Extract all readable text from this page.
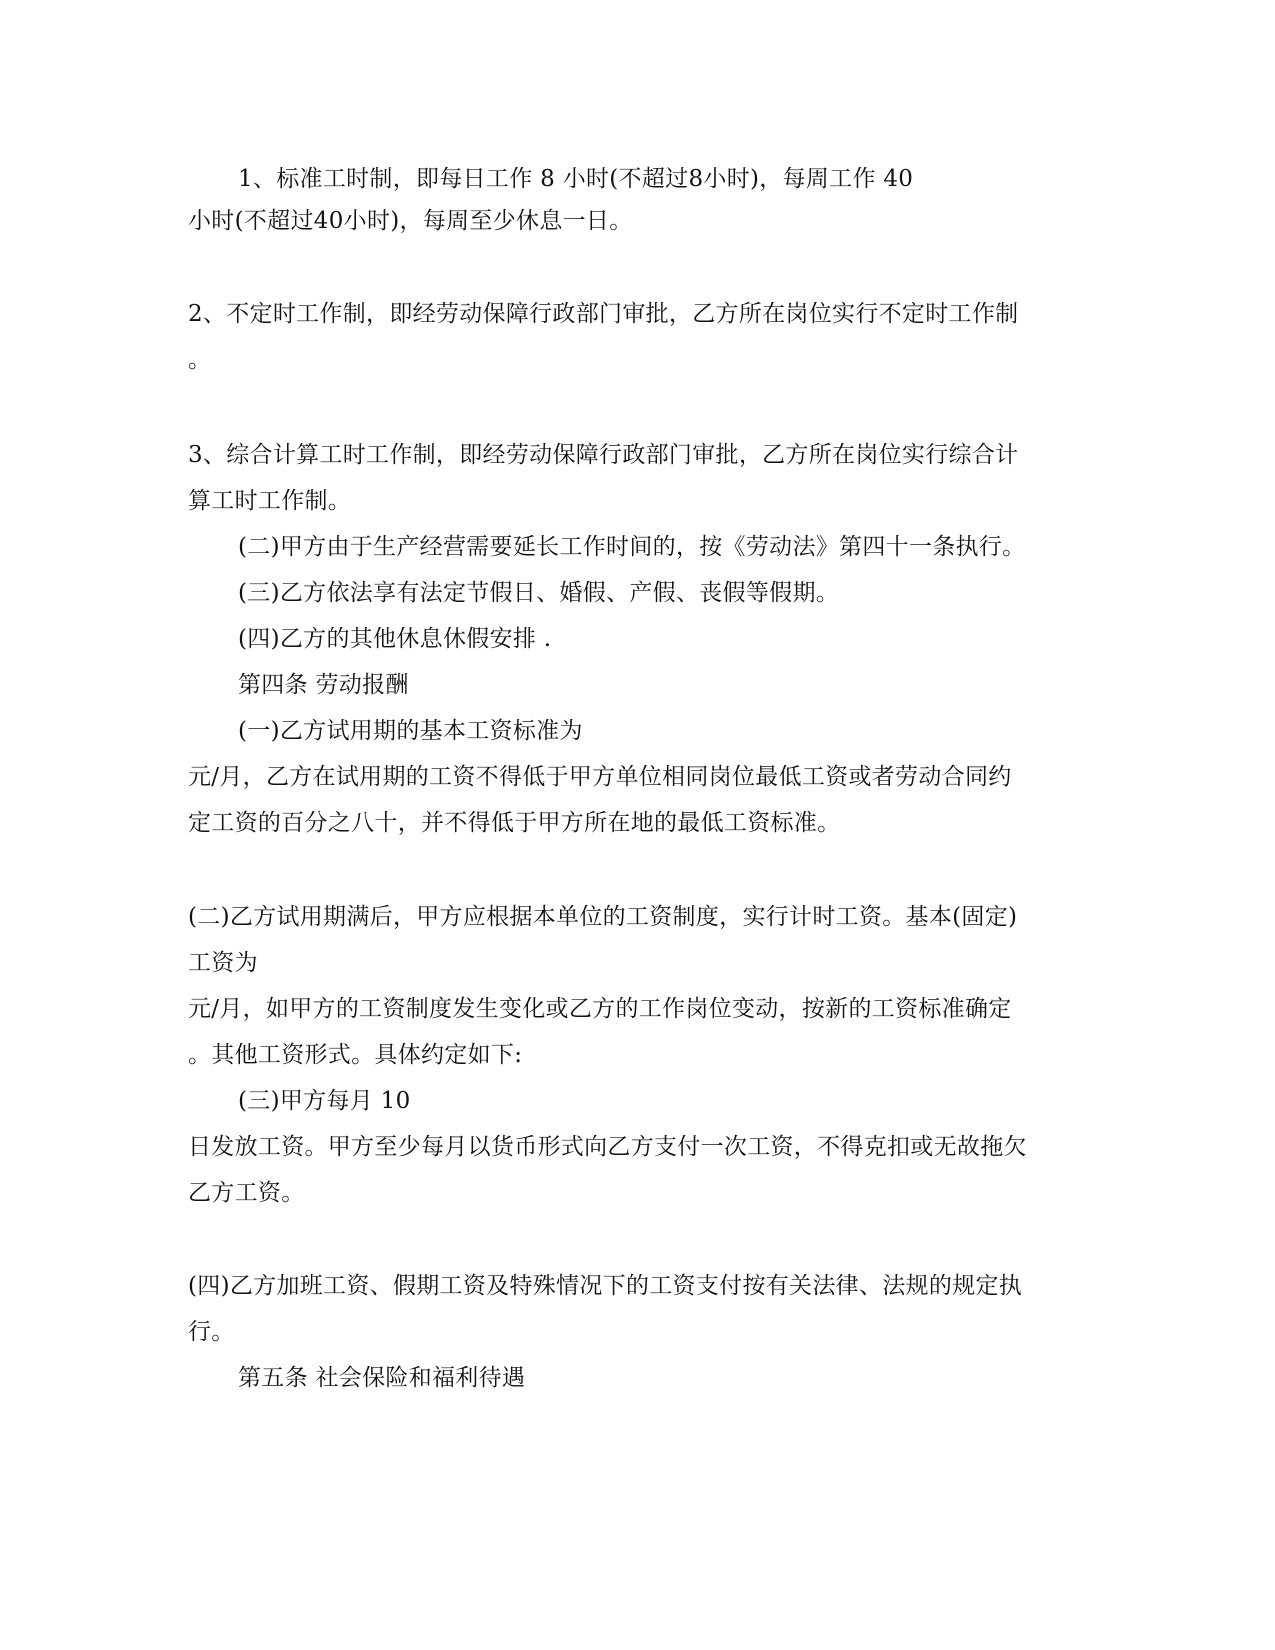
1、标准工时制，即每日工作 8 小时(不超过8小时)，每周工作 40
小时(不超过40小时)，每周至少休息一日。
2、不定时工作制，即经劳动保障行政部门审批，乙方所在岗位实行不定时工作制
。
3、综合计算工时工作制，即经劳动保障行政部门审批，乙方所在岗位实行综合计
算工时工作制。
(二)甲方由于生产经营需要延长工作时间的，按《劳动法》第四十一条执行。
(三)乙方依法享有法定节假日、婚假、产假、丧假等假期。
(四)乙方的其他休息休假安排 .
第四条 劳动报酬
(一)乙方试用期的基本工资标准为
元/月，乙方在试用期的工资不得低于甲方单位相同岗位最低工资或者劳动合同约
定工资的百分之八十，并不得低于甲方所在地的最低工资标准。
(二)乙方试用期满后，甲方应根据本单位的工资制度，实行计时工资。基本(固定)
工资为
元/月，如甲方的工资制度发生变化或乙方的工作岗位变动，按新的工资标准确定
。其他工资形式。具体约定如下:
(三)甲方每月 10
日发放工资。甲方至少每月以货币形式向乙方支付一次工资，不得克扣或无故拖欠
乙方工资。
(四)乙方加班工资、假期工资及特殊情况下的工资支付按有关法律、法规的规定执
行。
第五条 社会保险和福利待遇
